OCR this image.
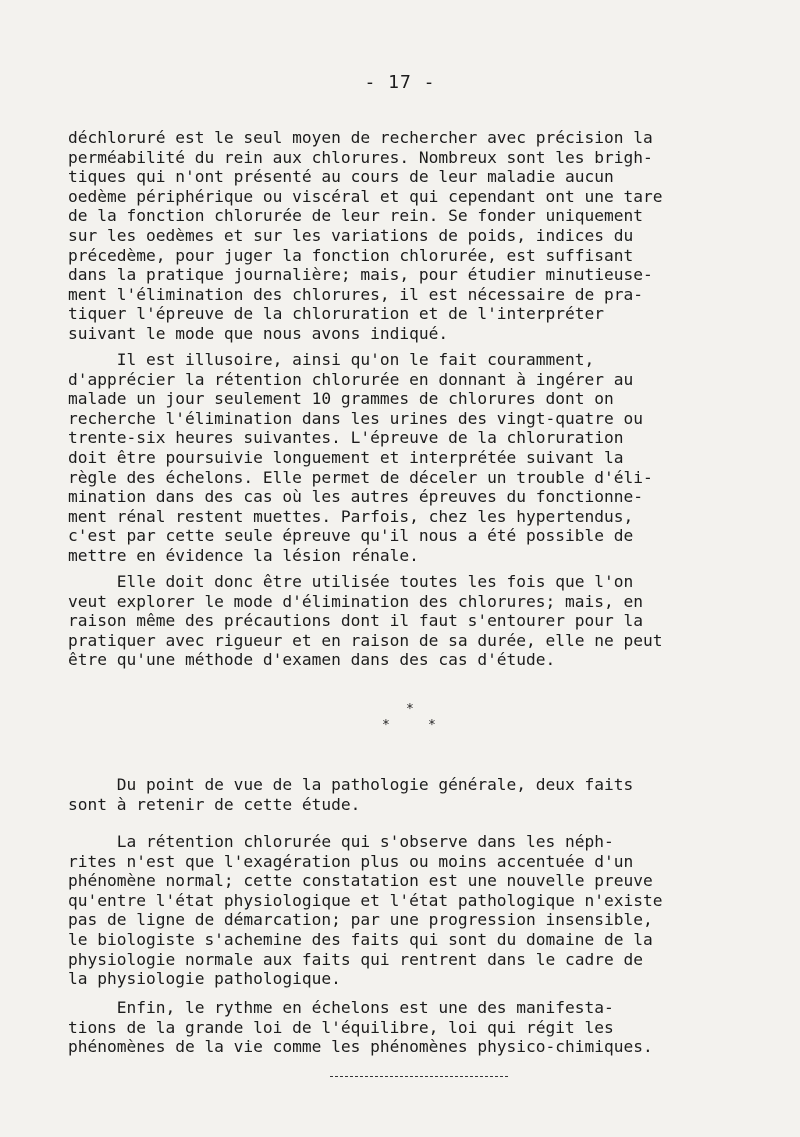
- 17 -
déchloruré est le seul moyen de rechercher avec précision la
perméabilité du rein aux chlorures. Nombreux sont les brigh-
tiques qui n'ont présenté au cours de leur maladie aucun
oedème périphérique ou viscéral et qui cependant ont une tare
de la fonction chlorurée de leur rein. Se fonder uniquement
sur les oedèmes et sur les variations de poids, indices du
précedème, pour juger la fonction chlorurée, est suffisant
dans la pratique journalière; mais, pour étudier minutieuse-
ment l'élimination des chlorures, il est nécessaire de pra-
tiquer l'épreuve de la chloruration et de l'interpréter
suivant le mode que nous avons indiqué.
Il est illusoire, ainsi qu'on le fait couramment,
d'apprécier la rétention chlorurée en donnant à ingérer au
malade un jour seulement 10 grammes de chlorures dont on
recherche l'élimination dans les urines des vingt-quatre ou
trente-six heures suivantes. L'épreuve de la chloruration
doit être poursuivie longuement et interprétée suivant la
règle des échelons. Elle permet de déceler un trouble d'éli-
mination dans des cas où les autres épreuves du fonctionne-
ment rénal restent muettes. Parfois, chez les hypertendus,
c'est par cette seule épreuve qu'il nous a été possible de
mettre en évidence la lésion rénale.
Elle doit donc être utilisée toutes les fois que l'on
veut explorer le mode d'élimination des chlorures; mais, en
raison même des précautions dont il faut s'entourer pour la
pratiquer avec rigueur et en raison de sa durée, elle ne peut
être qu'une méthode d'examen dans des cas d'étude.
*
*	*
Du point de vue de la pathologie générale, deux faits
sont à retenir de cette étude.
La rétention chlorurée qui s'observe dans les néph-
rites n'est que l'exagération plus ou moins accentuée d'un
phénomène normal; cette constatation est une nouvelle preuve
qu'entre l'état physiologique et l'état pathologique n'existe
pas de ligne de démarcation; par une progression insensible,
le biologiste s'achemine des faits qui sont du domaine de la
physiologie normale aux faits qui rentrent dans le cadre de
la physiologie pathologique.
Enfin, le rythme en échelons est une des manifesta-
tions de la grande loi de l'équilibre, loi qui régit les
phénomènes de la vie comme les phénomènes physico-chimiques.
